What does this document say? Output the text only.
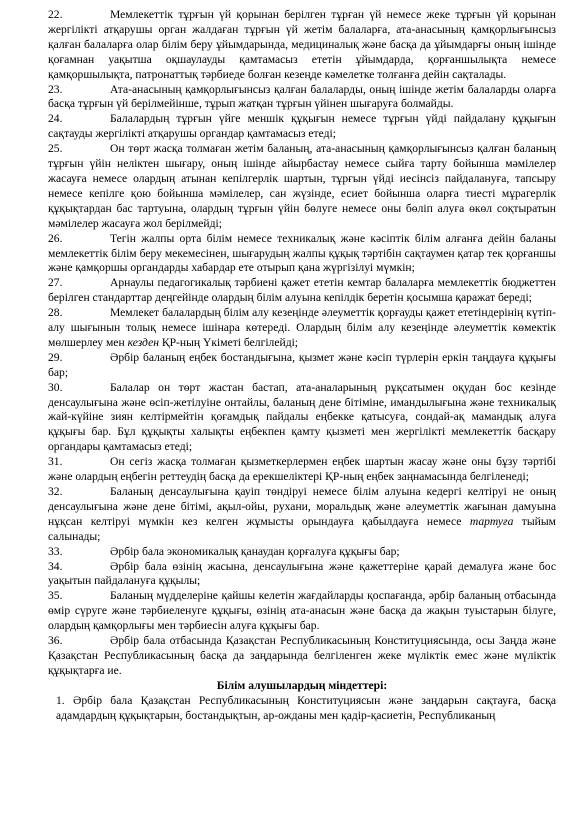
22.	Мемлекеттік тұрғын үй қорынан берілген тұрған үй немесе жеке тұрғын үй қорынан жергілікті атқарушы орган жалдаған тұрғын үй жетім балаларға, ата-анасының қамқорлығынсыз қалған балаларға олар білім беру ұйымдарында, медициналық және басқа да ұйымдарғы оның ішінде қоғамнан уақытша оқшаулауды қамтамасыз ететін ұйымдарда, қорғаншылықта немесе қамқоршылықта, патронаттық тәрбиеде болған кезеңде кәмелетке толғанға дейін сақталады.

23.	Ата-анасының қамқорлығынсыз қалған балаларды, оның ішінде жетім балаларды оларға басқа тұрғын үй берілмейінше, тұрып жатқан тұрғын үйінен шығаруға болмайды.

24.	Балалардың тұрғын үйге меншік құқығын немесе тұрғын үйді пайдалану құқығын сақтауды жергілікті атқарушы органдар қамтамасыз етеді;

25.	Он төрт жасқа толмаған жетім баланың, ата-анасының қамқорлығынсыз қалған баланың тұрғын үйін неліктен шығару, оның ішінде айырбастау немесе сыйға тарту бойынша мәмілелер жасауға немесе олардың атынан кепілгерлік шартын, тұрғын үйді иесінсіз пайдалануға, тапсыру немесе кепілге қою бойынша мәмілелер, сан жүзінде, есиет бойынша оларға тиесті мұрагерлік құқықтардан бас тартуына, олардың тұрғын үйін бөлуге немесе оны бөліп алуға өкөл соқтыратын мәмілелер жасауға жол берілмейді;

26.	Тегін жалпы орта білім немесе техникалық және кәсіптік білім алғанға дейін баланы мемлекеттік білім беру мекемесінен, шығарудың жалпы құқық тәртібін сақтаумен қатар тек қорғаншы және қамқоршы органдарды хабардар ете отырып қана жүргізілуі мүмкін;

27.	Арнаулы педагогикалық тәрбиені қажет ететін кемтар балаларға мемлекеттік бюджеттен берілген стандарттар деңгейінде олардың білім алуына кепілдік беретін қосымша қаражат береді;

28.	Мемлекет балалардың білім алу кезеңінде әлеуметтік қорғауды қажет ететіндерінің күтіп-алу шығынын толық немесе ішінара көтереді. Олардың білім алу кезеңінде әлеуметтік көмектік мөлшерлеу мен кезден ҚР-ның Үкіметі белгілейді;

29.	Әрбір баланың еңбек бостандығына, қызмет және кәсіп түрлерін еркін таңдауға құқығы бар;

30.	Балалар он төрт жастан бастап, ата-аналарының рұқсатымен оқудан бос кезінде денсаулығына және өсіп-жетілуіне онтайлы, баланың дене бітіміне, имандылығына және техникалық жай-күйіне зиян келтірмейтін қоғамдық пайдалы еңбекке қатысуға, сондай-ақ мамандық алуға құқығы бар. Бұл құқықты халықты еңбекпен қамту қызметі мен жергілікті мемлекеттік басқару органдары қамтамасыз етеді;

31.	Он сегіз жасқа толмаған қызметкерлермен еңбек шартын жасау және оны бұзу тәртібі және олардың еңбегін реттеудің басқа да ерекшеліктері ҚР-ның еңбек заңнамасында белгіленеді;

32.	Баланың денсаулығына қауіп төндіруі немесе білім алуына кедергі келтіруі не оның денсаулығына және дене бітімі, ақыл-ойы, рухани, моральдық және әлеуметтік жағынан дамуына нұқсан келтіруі мүмкін кез келген жұмысты орындауға қабылдауға немесе тартуға тыйым салынады;

33.	Әрбір бала экономикалық қанаудан қорғалуға құқығы бар;

34.	Әрбір бала өзінің жасына, денсаулығына және қажеттеріне қарай демалуға және бос уақытын пайдалануға құқылы;

35.	Баланың мүдделеріне қайшы келетін жағдайларды қоспағанда, әрбір баланың отбасында өмір сүруге және тәрбиеленуге құқығы, өзінің ата-анасын және басқа да жақын туыстарын білуге, олардың қамқорлығы мен тәрбиесін алуға құқығы бар.

36.	Әрбір бала отбасында Қазақстан Республикасының Конституциясында, осы Заңда және Қазақстан Республикасының басқа да заңдарында белгіленген жеке мүліктік емес және мүліктік құқықтарға ие.

Білім алушылардың міндеттері:

1. Әрбір бала Қазақстан Республикасының Конституциясын және заңдарын сақтауға, басқа адамдардың құқықтарын, бостандықтын, ар-ожданы мен қадір-қасиетін, Республиканың
